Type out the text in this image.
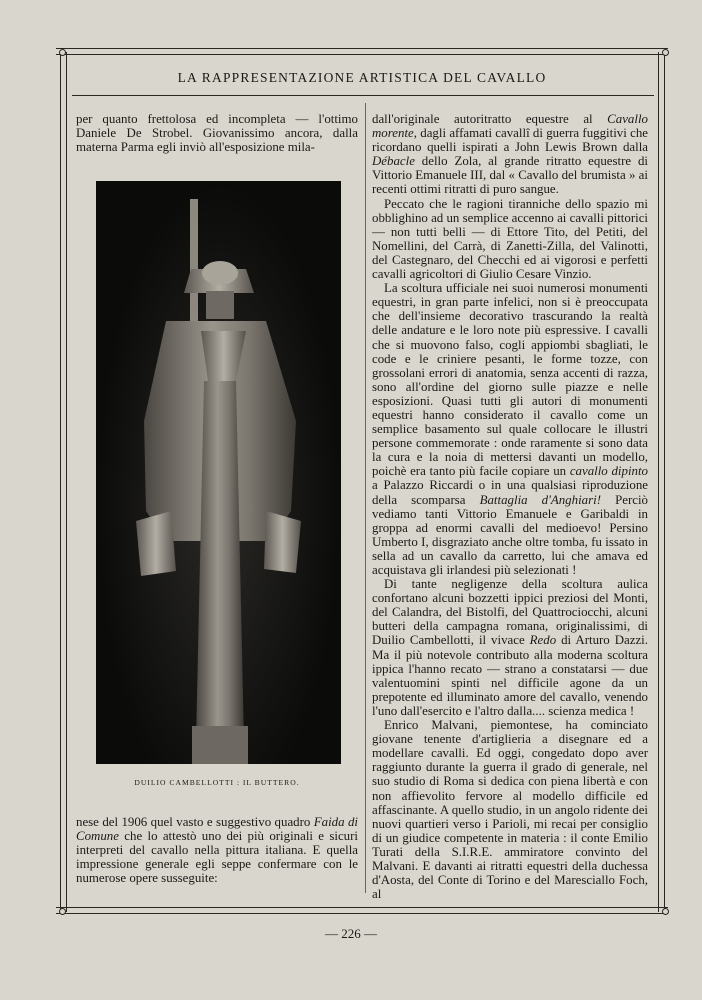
LA RAPPRESENTAZIONE ARTISTICA DEL CAVALLO

per quanto frettolosa ed incompleta — l'ottimo Daniele De Strobel. Giovanissimo ancora, dalla materna Parma egli inviò all'esposizione mila-

DUILIO CAMBELLOTTI : IL BUTTERO.

nese del 1906 quel vasto e suggestivo quadro Faida di Comune che lo attestò uno dei più originali e sicuri interpreti del cavallo nella pittura italiana. E quella impressione generale egli seppe confermare con le numerose opere susseguite:

dall'originale autoritratto equestre al Cavallo morente, dagli affamati cavallî di guerra fuggitivi che ricordano quelli ispirati a John Lewis Brown dalla Débacle dello Zola, al grande ritratto equestre di Vittorio Emanuele III, dal « Cavallo del brumista » ai recenti ottimi ritratti di puro sangue.

Peccato che le ragioni tiranniche dello spazio mi obblighino ad un semplice accenno ai cavalli pittorici — non tutti belli — di Ettore Tito, del Petiti, del Nomellini, del Carrà, di Zanetti-Zilla, del Valinotti, del Castegnaro, del Checchi ed ai vigorosi e perfetti cavalli agricoltori di Giulio Cesare Vinzio.

La scoltura ufficiale nei suoi numerosi monumenti equestri, in gran parte infelici, non si è preoccupata che dell'insieme decorativo trascurando la realtà delle andature e le loro note più espressive. I cavalli che si muovono falso, cogli appiombi sbagliati, le code e le criniere pesanti, le forme tozze, con grossolani errori di anatomia, senza accenti di razza, sono all'ordine del giorno sulle piazze e nelle esposizioni. Quasi tutti gli autori di monumenti equestri hanno considerato il cavallo come un semplice basamento sul quale collocare le illustri persone commemorate : onde raramente si sono data la cura e la noia di mettersi davanti un modello, poichè era tanto più facile copiare un cavallo dipinto a Palazzo Riccardi o in una qualsiasi riproduzione della scomparsa Battaglia d'Anghiari! Perciò vediamo tanti Vittorio Emanuele e Garibaldi in groppa ad enormi cavalli del medioevo! Persino Umberto I, disgraziato anche oltre tomba, fu issato in sella ad un cavallo da carretto, lui che amava ed acquistava gli irlandesi più selezionati !

Di tante negligenze della scoltura aulica confortano alcuni bozzetti ippici preziosi del Monti, del Calandra, del Bistolfi, del Quattrociocchi, alcuni butteri della campagna romana, originalissimi, di Duilio Cambellotti, il vivace Redo di Arturo Dazzi. Ma il più notevole contributo alla moderna scoltura ippica l'hanno recato — strano a constatarsi — due valentuomini spinti nel difficile agone da un prepotente ed illuminato amore del cavallo, venendo l'uno dall'esercito e l'altro dalla.... scienza medica !

Enrico Malvani, piemontese, ha cominciato giovane tenente d'artiglieria a disegnare ed a modellare cavalli. Ed oggi, congedato dopo aver raggiunto durante la guerra il grado di generale, nel suo studio di Roma si dedica con piena libertà e con non affievolito fervore al modello difficile ed affascinante. A quello studio, in un angolo ridente dei nuovi quartieri verso i Parioli, mi recai per consiglio di un giudice competente in materia : il conte Emilio Turati della S.I.R.E. ammiratore convinto del Malvani. E davanti ai ritratti equestri della duchessa d'Aosta, del Conte di Torino e del Maresciallo Foch, al

— 226 —
